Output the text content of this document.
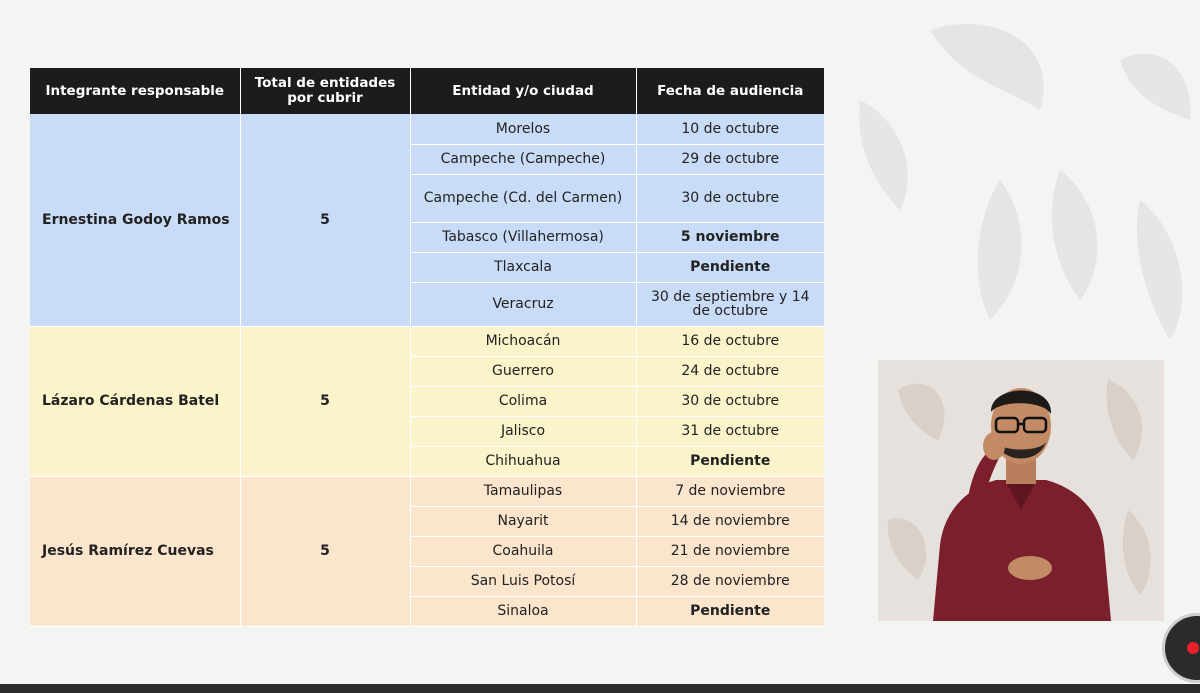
Integrante responsable	Total de entidades por cubrir	Entidad y/o ciudad	Fecha de audiencia
Ernestina Godoy Ramos	5	Morelos	10 de octubre
		Campeche (Campeche)	29 de octubre
		Campeche (Cd. del Carmen)	30 de octubre
		Tabasco (Villahermosa)	5 noviembre
		Tlaxcala	Pendiente
		Veracruz	30 de septiembre y 14 de octubre
Lázaro Cárdenas Batel	5	Michoacán	16 de octubre
		Guerrero	24 de octubre
		Colima	30 de octubre
		Jalisco	31 de octubre
		Chihuahua	Pendiente
Jesús Ramírez Cuevas	5	Tamaulipas	7 de noviembre
		Nayarit	14 de noviembre
		Coahuila	21 de noviembre
		San Luis Potosí	28 de noviembre
		Sinaloa	Pendiente
